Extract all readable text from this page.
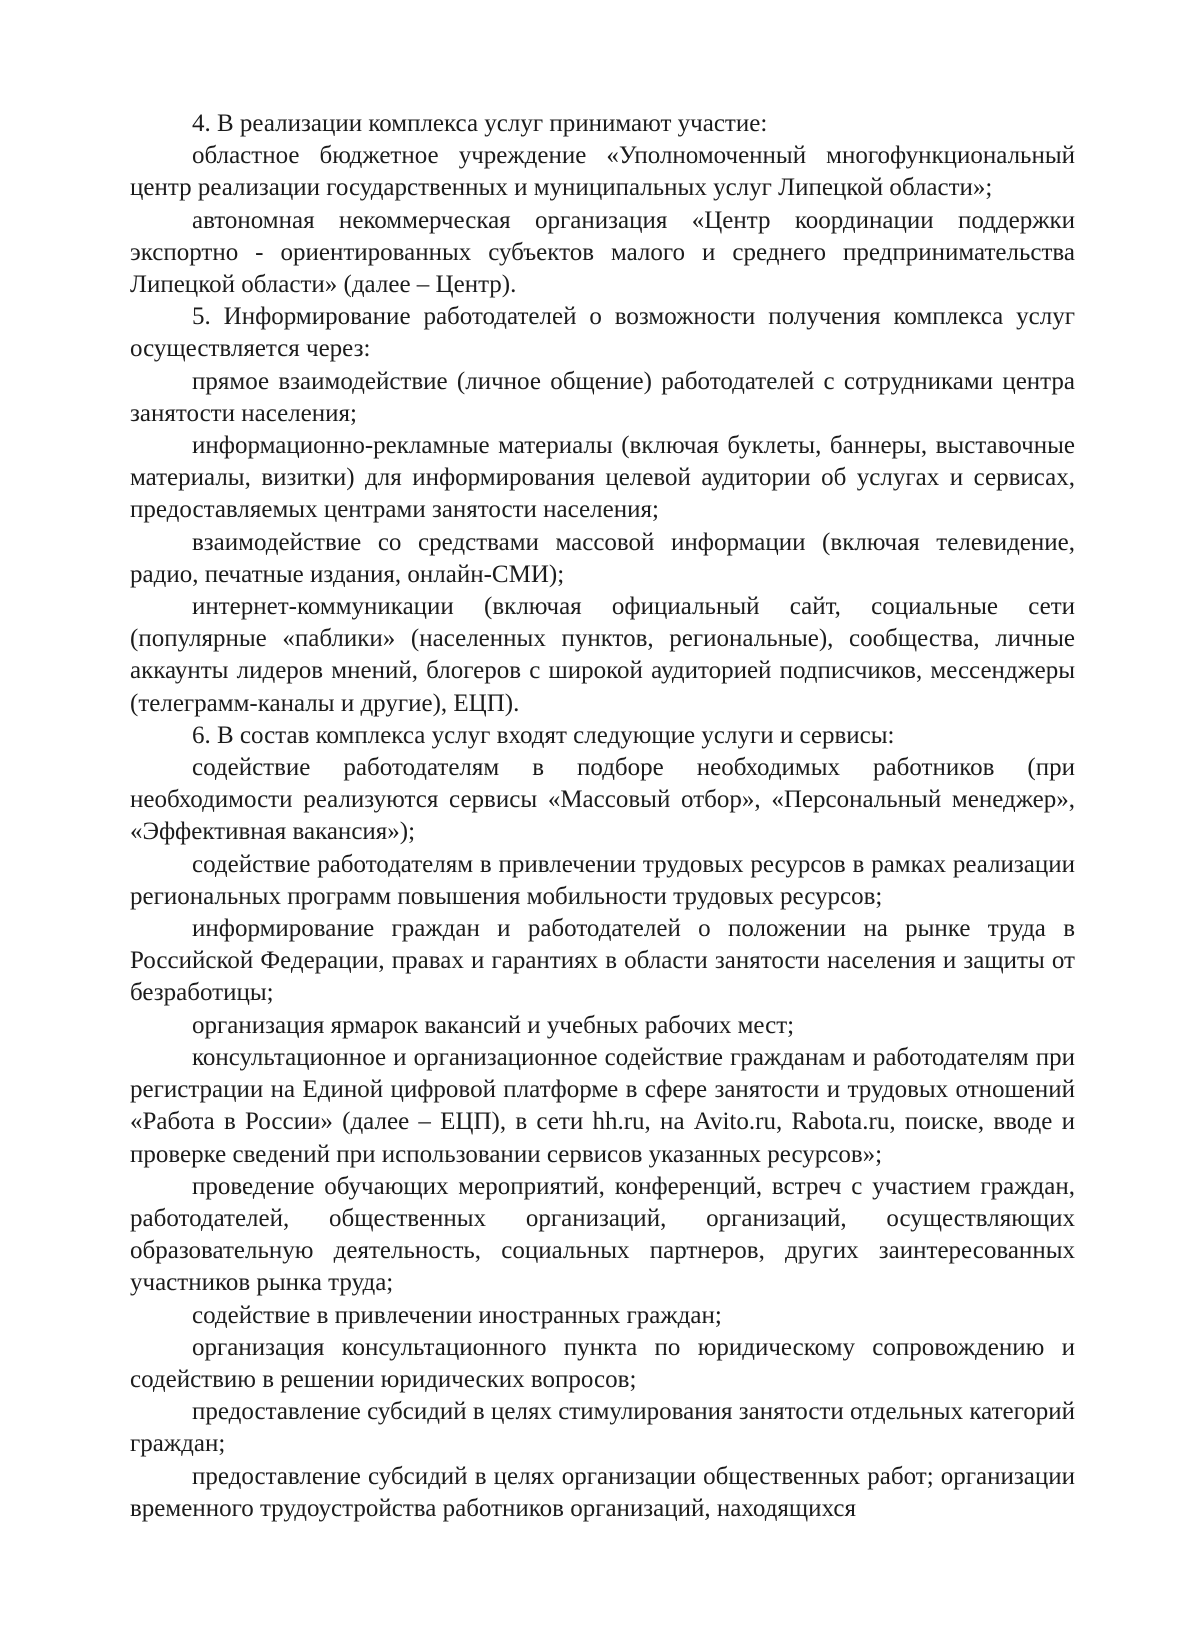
4. В реализации комплекса услуг принимают участие:

областное бюджетное учреждение «Уполномоченный многофункциональный центр реализации государственных и муниципальных услуг Липецкой области»;

автономная некоммерческая организация «Центр координации поддержки экспортно - ориентированных субъектов малого и среднего предпринимательства Липецкой области» (далее – Центр).

5. Информирование работодателей о возможности получения комплекса услуг осуществляется через:

прямое взаимодействие (личное общение) работодателей с сотрудниками центра занятости населения;

информационно-рекламные материалы (включая буклеты, баннеры, выставочные материалы, визитки) для информирования целевой аудитории об услугах и сервисах, предоставляемых центрами занятости населения;

взаимодействие со средствами массовой информации (включая телевидение, радио, печатные издания, онлайн-СМИ);

интернет-коммуникации (включая официальный сайт, социальные сети (популярные «паблики» (населенных пунктов, региональные), сообщества, личные аккаунты лидеров мнений, блогеров с широкой аудиторией подписчиков, мессенджеры (телеграмм-каналы и другие), ЕЦП).

6. В состав комплекса услуг входят следующие услуги и сервисы:

содействие работодателям в подборе необходимых работников (при необходимости реализуются сервисы «Массовый отбор», «Персональный менеджер», «Эффективная вакансия»);

содействие работодателям в привлечении трудовых ресурсов в рамках реализации региональных программ повышения мобильности трудовых ресурсов;

информирование граждан и работодателей о положении на рынке труда в Российской Федерации, правах и гарантиях в области занятости населения и защиты от безработицы;

организация ярмарок вакансий и учебных рабочих мест;

консультационное и организационное содействие гражданам и работодателям при регистрации на Единой цифровой платформе в сфере занятости и трудовых отношений «Работа в России» (далее – ЕЦП), в сети hh.ru, на Avito.ru, Rabota.ru, поиске, вводе и проверке сведений при использовании сервисов указанных ресурсов»;

проведение обучающих мероприятий, конференций, встреч с участием граждан, работодателей, общественных организаций, организаций, осуществляющих образовательную деятельность, социальных партнеров, других заинтересованных участников рынка труда;

содействие в привлечении иностранных граждан;

организация консультационного пункта по юридическому сопровождению и содействию в решении юридических вопросов;

предоставление субсидий в целях стимулирования занятости отдельных категорий граждан;

предоставление субсидий в целях организации общественных работ; организации временного трудоустройства работников организаций, находящихся
